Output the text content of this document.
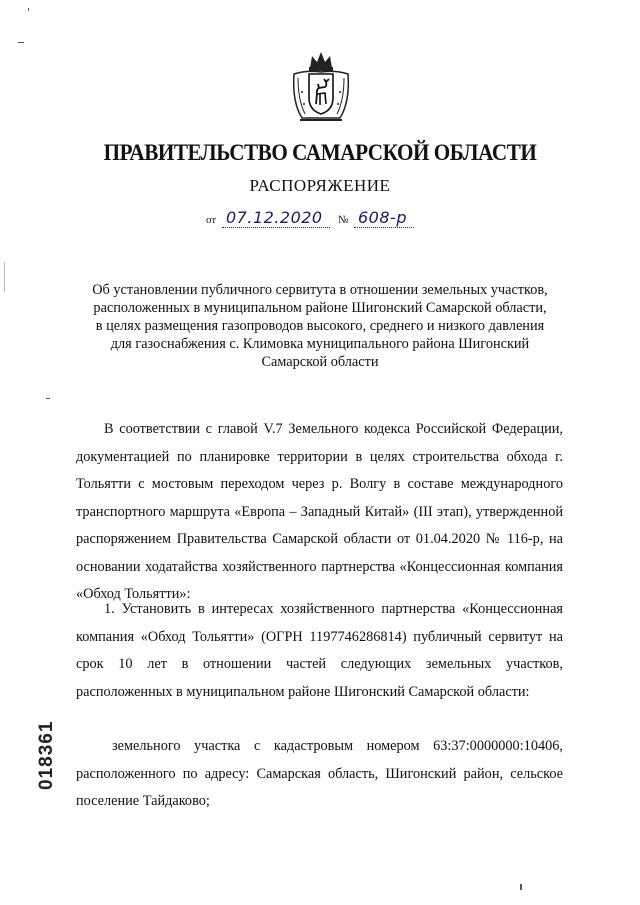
ПРАВИТЕЛЬСТВО САМАРСКОЙ ОБЛАСТИ
РАСПОРЯЖЕНИЕ
от 07.12.2020 № 608-р
Об установлении публичного сервитута в отношении земельных участков,
расположенных в муниципальном районе Шигонский Самарской области,
в целях размещения газопроводов высокого, среднего и низкого давления
для газоснабжения с. Климовка муниципального района Шигонский
Самарской области
В соответствии с главой V.7 Земельного кодекса Российской Федерации, документацией по планировке территории в целях строительства обхода г. Тольятти с мостовым переходом через р. Волгу в составе международного транспортного маршрута «Европа – Западный Китай» (III этап), утвержденной распоряжением Правительства Самарской области от 01.04.2020 № 116-р, на основании ходатайства хозяйственного партнерства «Концессионная компания «Обход Тольятти»:
1. Установить в интересах хозяйственного партнерства «Концессионная компания «Обход Тольятти» (ОГРН 1197746286814) публичный сервитут на срок 10 лет в отношении частей следующих земельных участков, расположенных в муниципальном районе Шигонский Самарской области:
земельного участка с кадастровым номером 63:37:0000000:10406, расположенного по адресу: Самарская область, Шигонский район, сельское поселение Тайдаково;
018361
